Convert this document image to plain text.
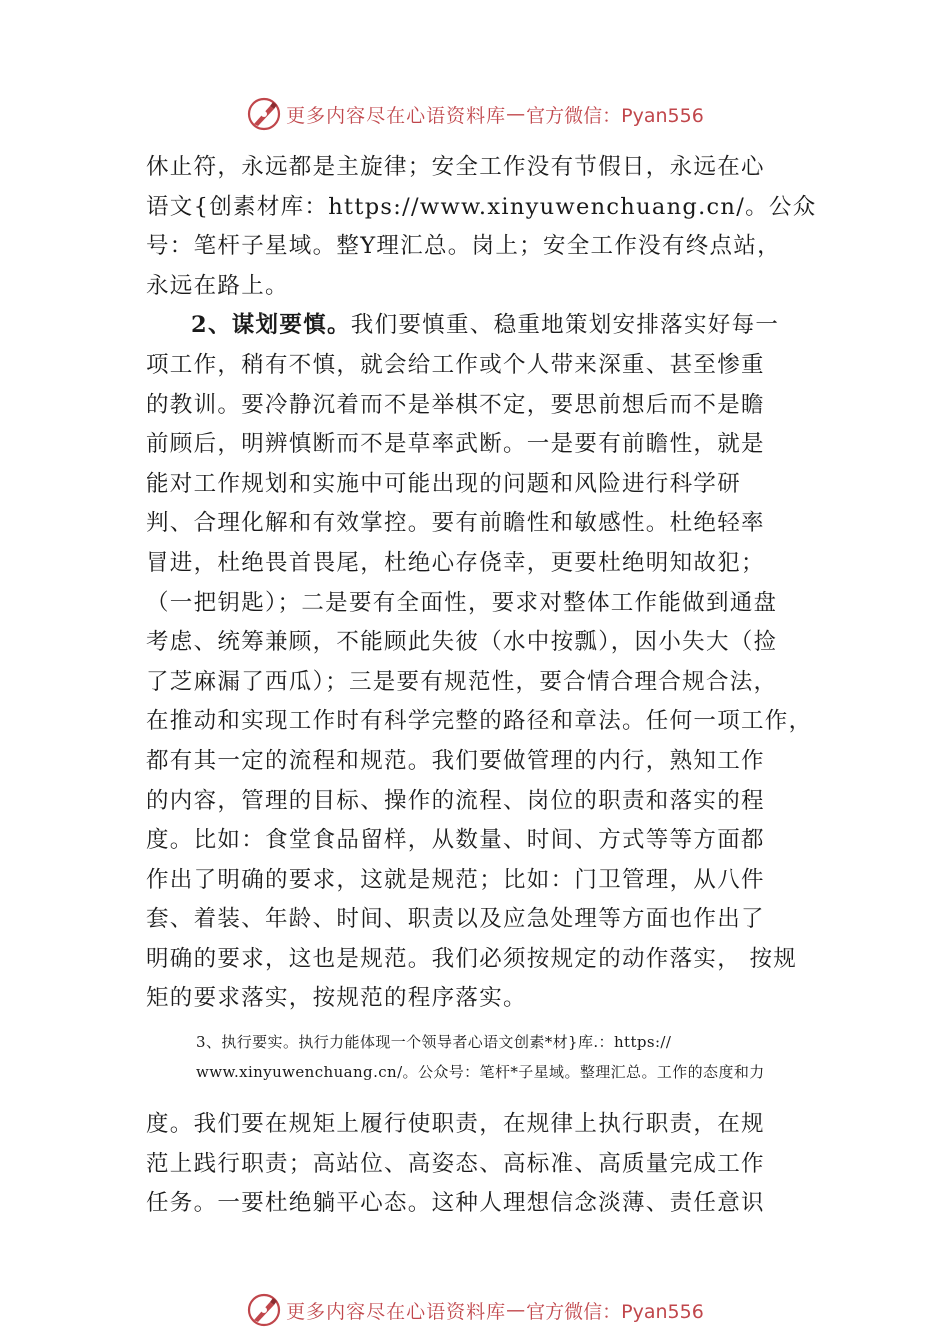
更多内容尽在心语资料库 — 官方微信：Pyan556
休止符，永远都是主旋律；安全工作没有节假日，永远在心
语文{创素材库：https://www.xinyuwenchuang.cn/。公众
号：笔杆子星域。整Y理汇总。岗上；安全工作没有终点站，
永远在路上。
2、谋划要慎。我们要慎重、稳重地策划安排落实好每一
项工作，稍有不慎，就会给工作或个人带来深重、甚至惨重
的教训。要冷静沉着而不是举棋不定，要思前想后而不是瞻
前顾后，明辨慎断而不是草率武断。一是要有前瞻性，就是
能对工作规划和实施中可能出现的问题和风险进行科学研
判、合理化解和有效掌控。要有前瞻性和敏感性。杜绝轻率
冒进，杜绝畏首畏尾，杜绝心存侥幸，更要杜绝明知故犯；
（一把钥匙）；二是要有全面性，要求对整体工作能做到通盘
考虑、统筹兼顾，不能顾此失彼（水中按瓢），因小失大（捡
了芝麻漏了西瓜）；三是要有规范性，要合情合理合规合法，
在推动和实现工作时有科学完整的路径和章法。任何一项工作，
都有其一定的流程和规范。我们要做管理的内行，熟知工作
的内容，管理的目标、操作的流程、岗位的职责和落实的程
度。比如：食堂食品留样，从数量、时间、方式等等方面都
作出了明确的要求，这就是规范；比如：门卫管理，从八件
套、着装、年龄、时间、职责以及应急处理等方面也作出了
明确的要求，这也是规范。我们必须按规定的动作落实， 按规
矩的要求落实，按规范的程序落实。
3、执行要实。执行力能体现一个领导者心语文创素*材}库.：https://
www.xinyuwenchuang.cn/。公众号：笔杆*子星域。整理汇总。工作的态度和力
度。我们要在规矩上履行使职责，在规律上执行职责，在规
范上践行职责；高站位、高姿态、高标准、高质量完成工作
任务。一要杜绝躺平心态。这种人理想信念淡薄、责任意识
更多内容尽在心语资料库 — 官方微信：Pyan556
